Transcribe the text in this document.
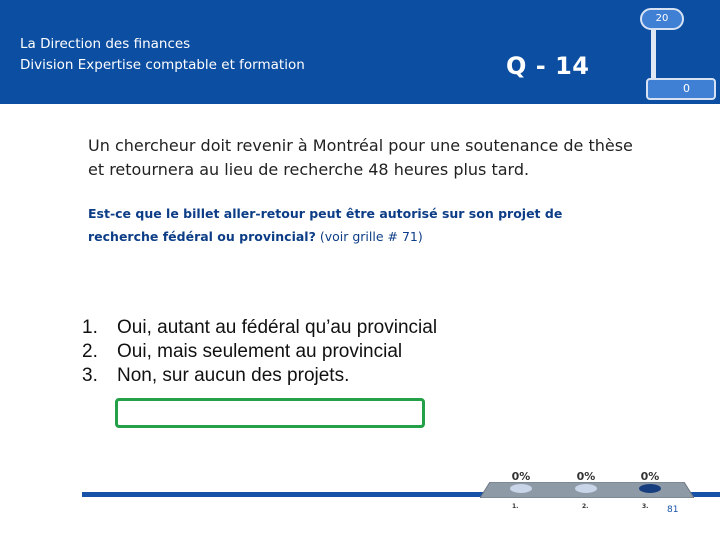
La Direction des finances
Division Expertise comptable et formation	Q - 14
20
0
Un chercheur doit revenir à Montréal pour une soutenance de thèse
et retournera au lieu de recherche 48 heures plus tard.
Est-ce que le billet aller-retour peut être autorisé sur son projet de
recherche fédéral ou provincial? (voir grille # 71)
1.	Oui, autant au fédéral qu’au provincial
2.	Oui, mais seulement au provincial
3.	Non, sur aucun des projets.
0%	0%	0%
1.	2.	3. 81
